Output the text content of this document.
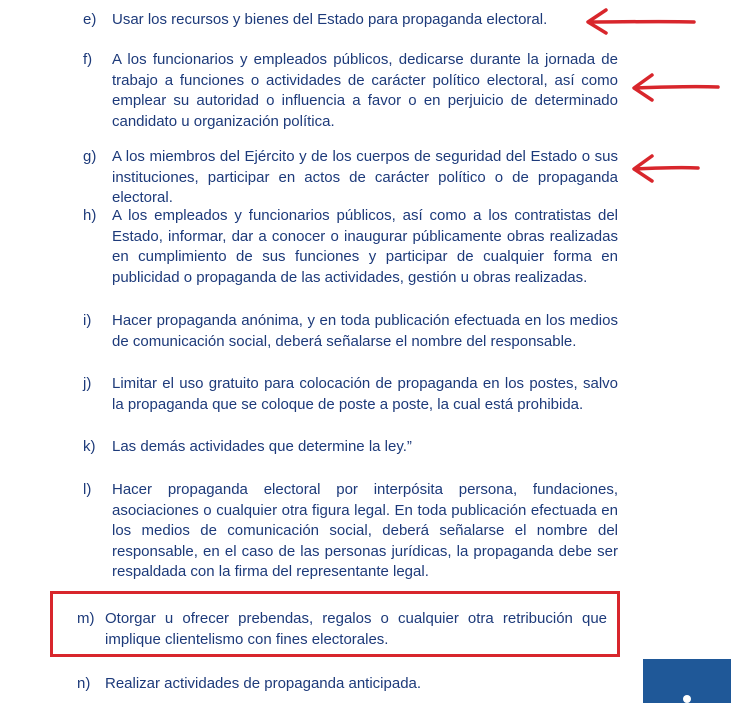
e) Usar los recursos y bienes del Estado para propaganda electoral.
f) A los funcionarios y empleados públicos, dedicarse durante la jornada de trabajo a funciones o actividades de carácter político electoral, así como emplear su autoridad o influencia a favor o en perjuicio de determinado candidato u organización política.
g) A los miembros del Ejército y de los cuerpos de seguridad del Estado o sus instituciones, participar en actos de carácter político o de propaganda electoral.
h) A los empleados y funcionarios públicos, así como a los contratistas del Estado, informar, dar a conocer o inaugurar públicamente obras realizadas en cumplimiento de sus funciones y participar de cualquier forma en publicidad o propaganda de las actividades, gestión u obras realizadas.
i) Hacer propaganda anónima, y en toda publicación efectuada en los medios de comunicación social, deberá señalarse el nombre del responsable.
j) Limitar el uso gratuito para colocación de propaganda en los postes, salvo la propaganda que se coloque de poste a poste, la cual está prohibida.
k) Las demás actividades que determine la ley.”
l) Hacer propaganda electoral por interpósita persona, fundaciones, asociaciones o cualquier otra figura legal. En toda publicación efectuada en los medios de comunicación social, deberá señalarse el nombre del responsable, en el caso de las personas jurídicas, la propaganda debe ser respaldada con la firma del representante legal.
m) Otorgar u ofrecer prebendas, regalos o cualquier otra retribución que implique clientelismo con fines electorales.
n) Realizar actividades de propaganda anticipada.
